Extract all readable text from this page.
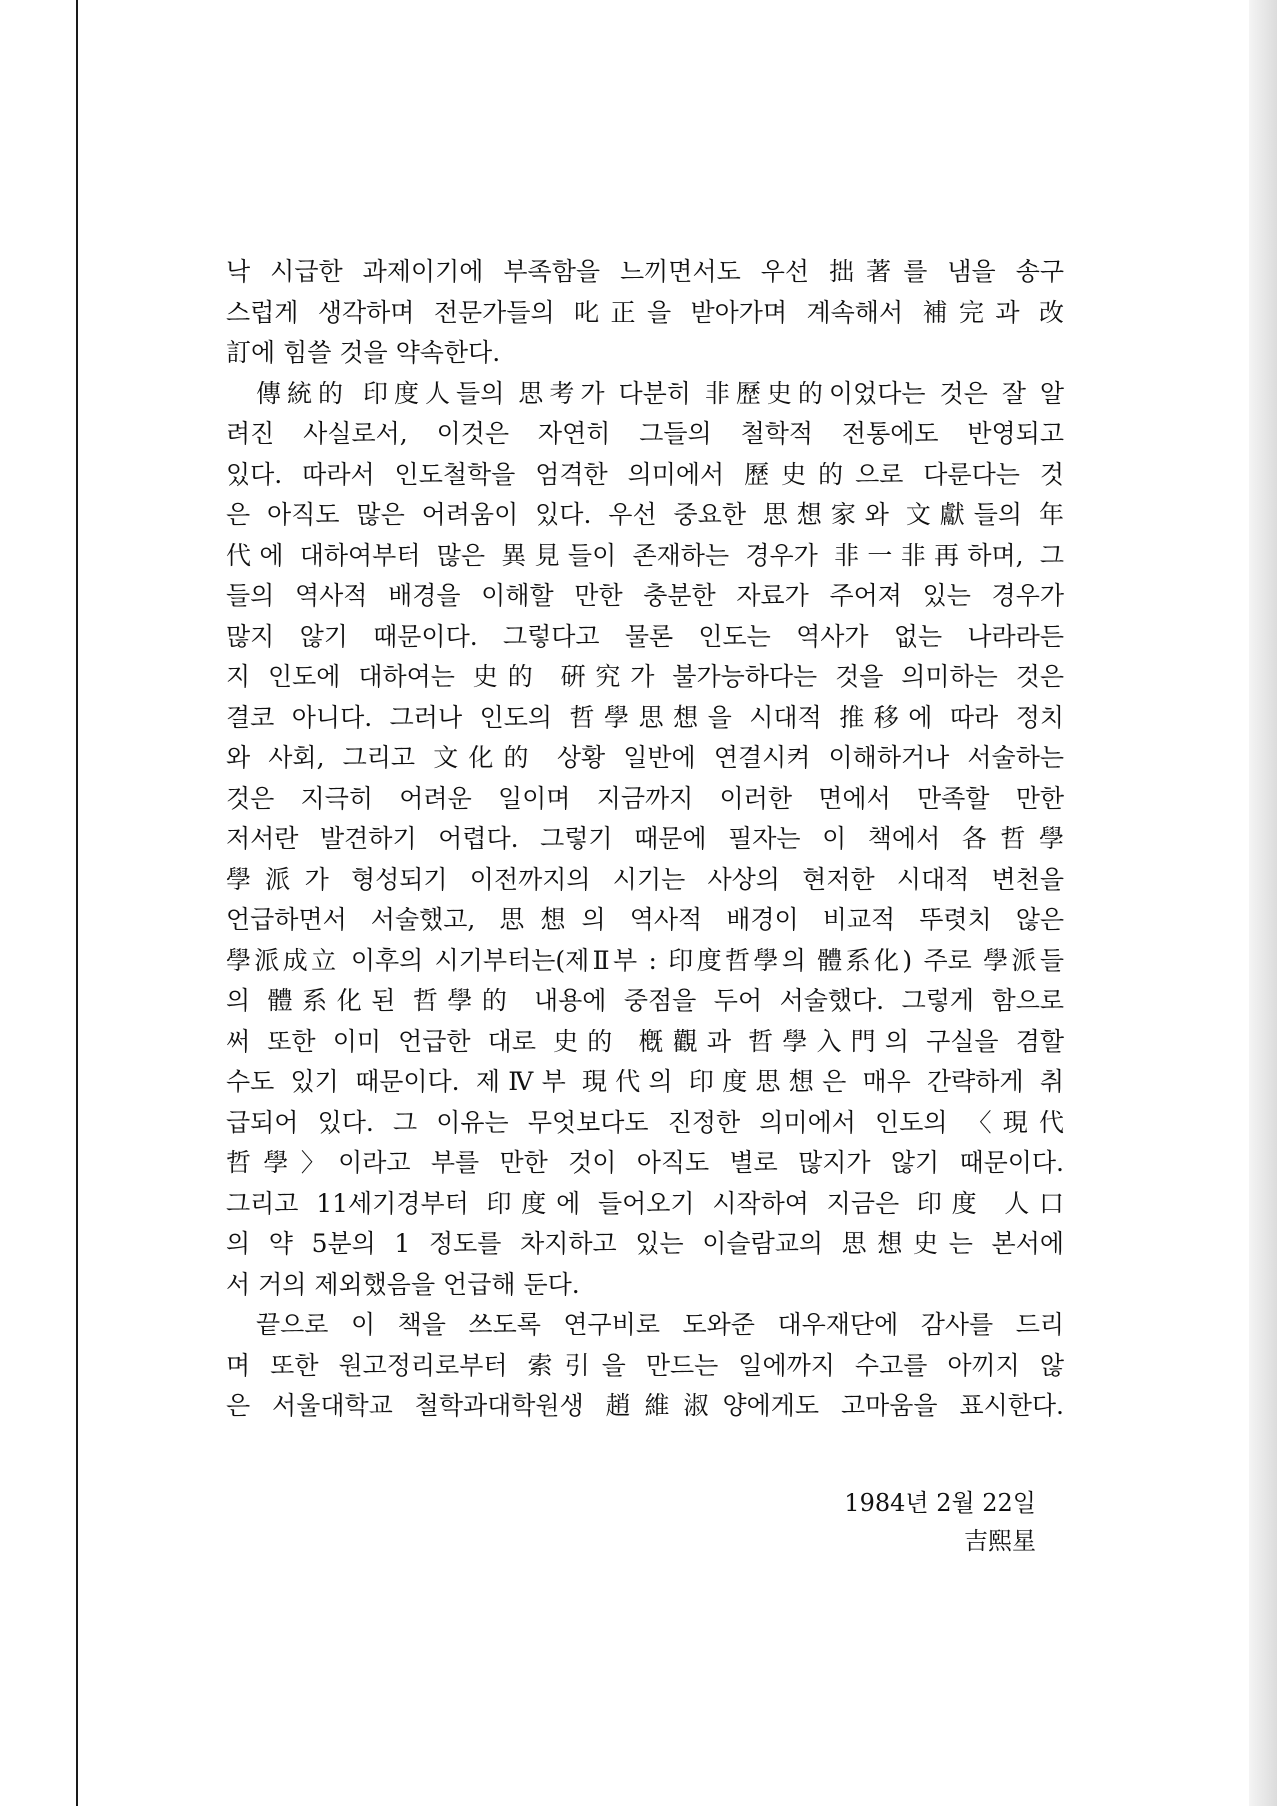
낙 시급한 과제이기에 부족함을 느끼면서도 우선 拙著를 냄을 송구
스럽게 생각하며 전문가들의 叱正을 받아가며 계속해서 補完과 改
訂에 힘쓸 것을 약속한다.
傳統的 印度人들의 思考가 다분히 非歷史的이었다는 것은 잘 알
려진 사실로서, 이것은 자연히 그들의 철학적 전통에도 반영되고
있다. 따라서 인도철학을 엄격한 의미에서 歷史的으로 다룬다는 것
은 아직도 많은 어려움이 있다. 우선 중요한 思想家와 文獻들의 年
代에 대하여부터 많은 異見들이 존재하는 경우가 非一非再하며, 그
들의 역사적 배경을 이해할 만한 충분한 자료가 주어져 있는 경우가
많지 않기 때문이다. 그렇다고 물론 인도는 역사가 없는 나라라든
지 인도에 대하여는 史的 硏究가 불가능하다는 것을 의미하는 것은
결코 아니다. 그러나 인도의 哲學思想을 시대적 推移에 따라 정치
와 사회, 그리고 文化的 상황 일반에 연결시켜 이해하거나 서술하는
것은 지극히 어려운 일이며 지금까지 이러한 면에서 만족할 만한
저서란 발견하기 어렵다. 그렇기 때문에 필자는 이 책에서 各哲學
學派가 형성되기 이전까지의 시기는 사상의 현저한 시대적 변천을
언급하면서 서술했고, 思想의 역사적 배경이 비교적 뚜렷치 않은
學派成立 이후의 시기부터는(제Ⅱ부 : 印度哲學의 體系化) 주로 學派들
의 體系化된 哲學的 내용에 중점을 두어 서술했다. 그렇게 함으로
써 또한 이미 언급한 대로 史的 槪觀과 哲學入門의 구실을 겸할
수도 있기 때문이다. 제Ⅳ부 現代의 印度思想은 매우 간략하게 취
급되어 있다. 그 이유는 무엇보다도 진정한 의미에서 인도의 〈現代
哲學〉이라고 부를 만한 것이 아직도 별로 많지가 않기 때문이다.
그리고 11세기경부터 印度에 들어오기 시작하여 지금은 印度 人口
의 약 5분의 1 정도를 차지하고 있는 이슬람교의 思想史는 본서에
서 거의 제외했음을 언급해 둔다.
끝으로 이 책을 쓰도록 연구비로 도와준 대우재단에 감사를 드리
며 또한 원고정리로부터 索引을 만드는 일에까지 수고를 아끼지 않
은 서울대학교 철학과대학원생 趙維淑양에게도 고마움을 표시한다.
1984년 2월 22일
吉熙星
